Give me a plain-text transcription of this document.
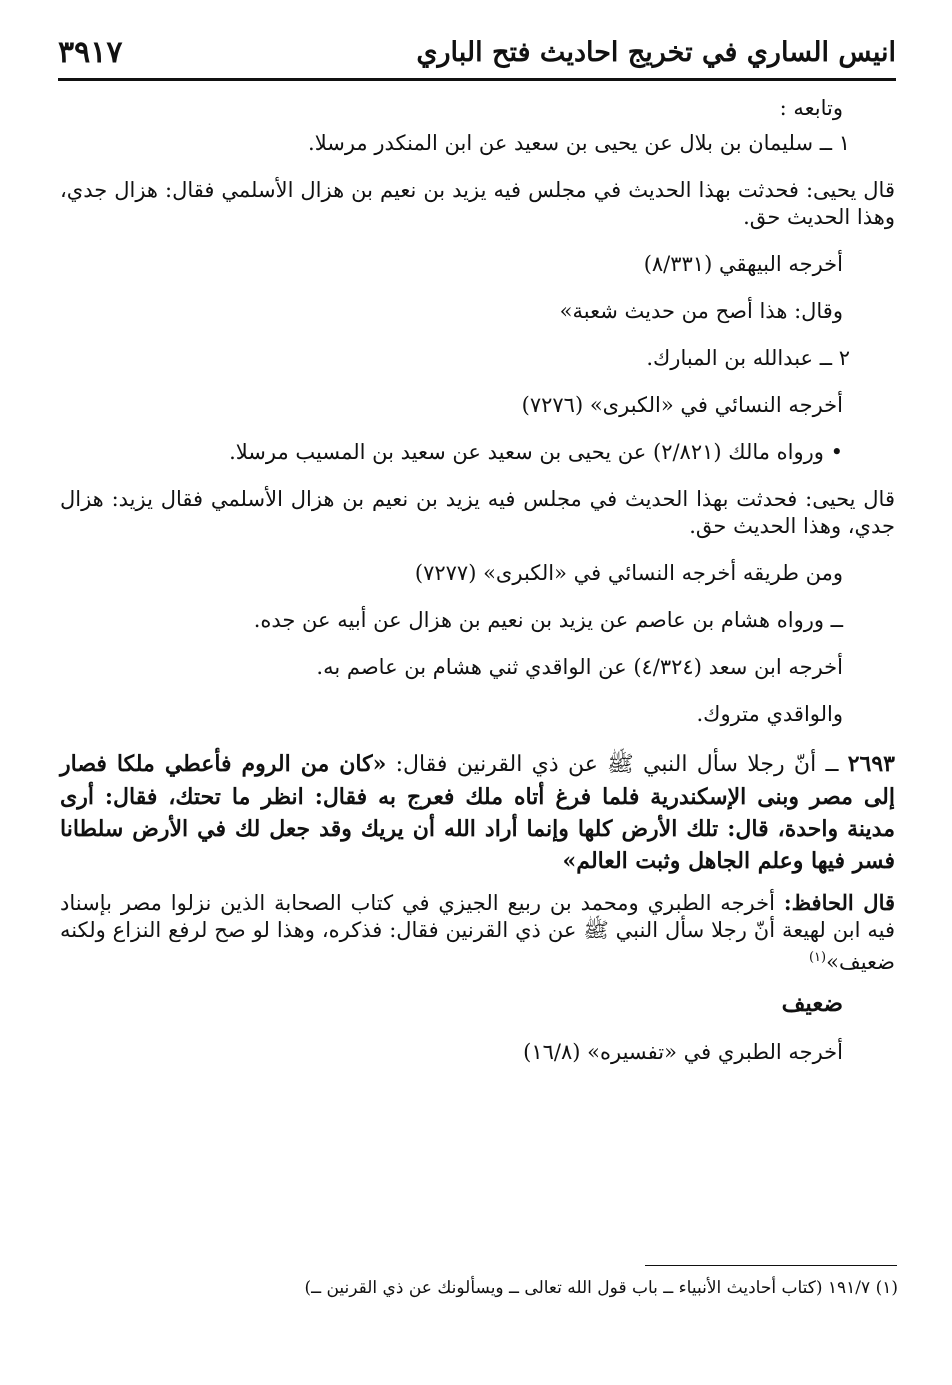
انيس الساري في تخريج احاديث فتح الباري
٣٩١٧

وتابعه :

١ ــ سليمان بن بلال عن يحيى بن سعيد عن ابن المنكدر مرسلا.

قال يحيى: فحدثت بهذا الحديث في مجلس فيه يزيد بن نعيم بن هزال الأسلمي فقال: هزال جدي، وهذا الحديث حق.

أخرجه البيهقي (٨/٣٣١)

وقال: هذا أصح من حديث شعبة»

٢ ــ عبدالله بن المبارك.

أخرجه النسائي في «الكبرى» (٧٢٧٦)

• ورواه مالك (٢/٨٢١) عن يحيى بن سعيد عن سعيد بن المسيب مرسلا.

قال يحيى: فحدثت بهذا الحديث في مجلس فيه يزيد بن نعيم بن هزال الأسلمي فقال يزيد: هزال جدي، وهذا الحديث حق.

ومن طريقه أخرجه النسائي في «الكبرى» (٧٢٧٧)

ــ ورواه هشام بن عاصم عن يزيد بن نعيم بن هزال عن أبيه عن جده.

أخرجه ابن سعد (٤/٣٢٤) عن الواقدي ثني هشام بن عاصم به.

والواقدي متروك.

٢٦٩٣ ــ أنّ رجلا سأل النبي ﷺ عن ذي القرنين فقال: «كان من الروم فأعطي ملكا فصار إلى مصر وبنى الإسكندرية فلما فرغ أتاه ملك فعرج به فقال: انظر ما تحتك، فقال: أرى مدينة واحدة، قال: تلك الأرض كلها وإنما أراد الله أن يريك وقد جعل لك في الأرض سلطانا فسر فيها وعلم الجاهل وثبت العالم»

قال الحافظ: أخرجه الطبري ومحمد بن ربيع الجيزي في كتاب الصحابة الذين نزلوا مصر بإسناد فيه ابن لهيعة أنّ رجلا سأل النبي ﷺ عن ذي القرنين فقال: فذكره، وهذا لو صح لرفع النزاع ولكنه ضعيف»$^{(١)}$

ضعيف

أخرجه الطبري في «تفسيره» (١٦/٨)

(١) ١٩١/٧ (كتاب أحاديث الأنبياء ــ باب قول الله تعالى ــ ويسألونك عن ذي القرنين ــ)
